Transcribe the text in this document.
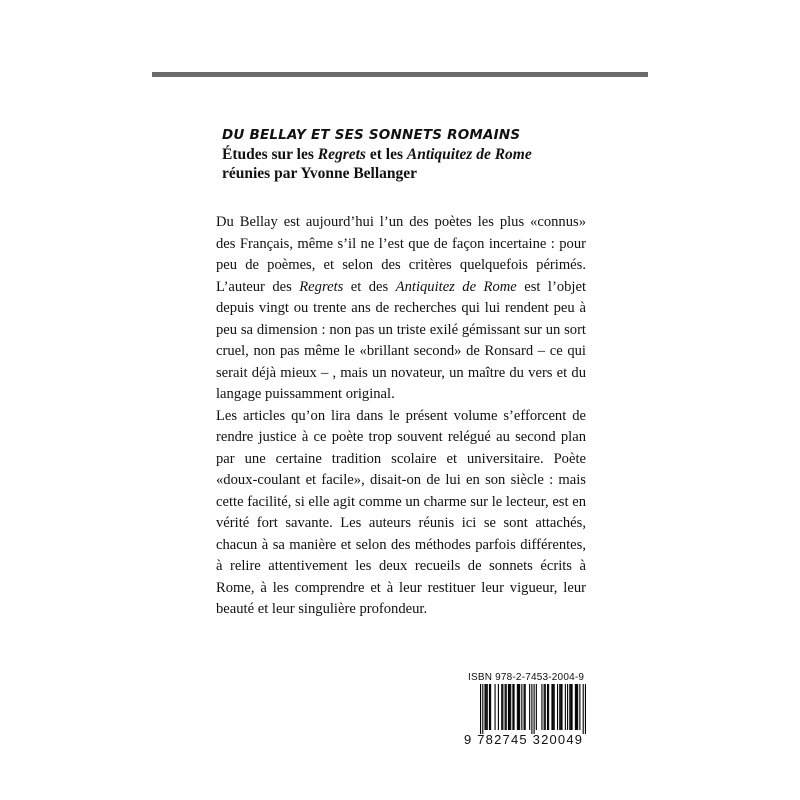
DU BELLAY ET SES SONNETS ROMAINS
Études sur les Regrets et les Antiquitez de Rome
réunies par Yvonne Bellanger

Du Bellay est aujourd’hui l’un des poètes les plus «connus» des Français, même s’il ne l’est que de façon incertaine : pour peu de poèmes, et selon des critères quelquefois périmés. L’auteur des Regrets et des Antiquitez de Rome est l’objet depuis vingt ou trente ans de recherches qui lui rendent peu à peu sa dimension : non pas un triste exilé gémissant sur un sort cruel, non pas même le «brillant second» de Ronsard – ce qui serait déjà mieux – , mais un novateur, un maître du vers et du langage puissamment original.

Les articles qu’on lira dans le présent volume s’efforcent de rendre justice à ce poète trop souvent relégué au second plan par une certaine tradition scolaire et universitaire. Poète «doux-coulant et facile», disait-on de lui en son siècle : mais cette facilité, si elle agit comme un charme sur le lecteur, est en vérité fort savante. Les auteurs réunis ici se sont attachés, chacun à sa manière et selon des méthodes parfois différentes, à relire attentivement les deux recueils de sonnets écrits à Rome, à les comprendre et à leur restituer leur vigueur, leur beauté et leur singulière profondeur.

ISBN 978-2-7453-2004-9
9 782745 320049
